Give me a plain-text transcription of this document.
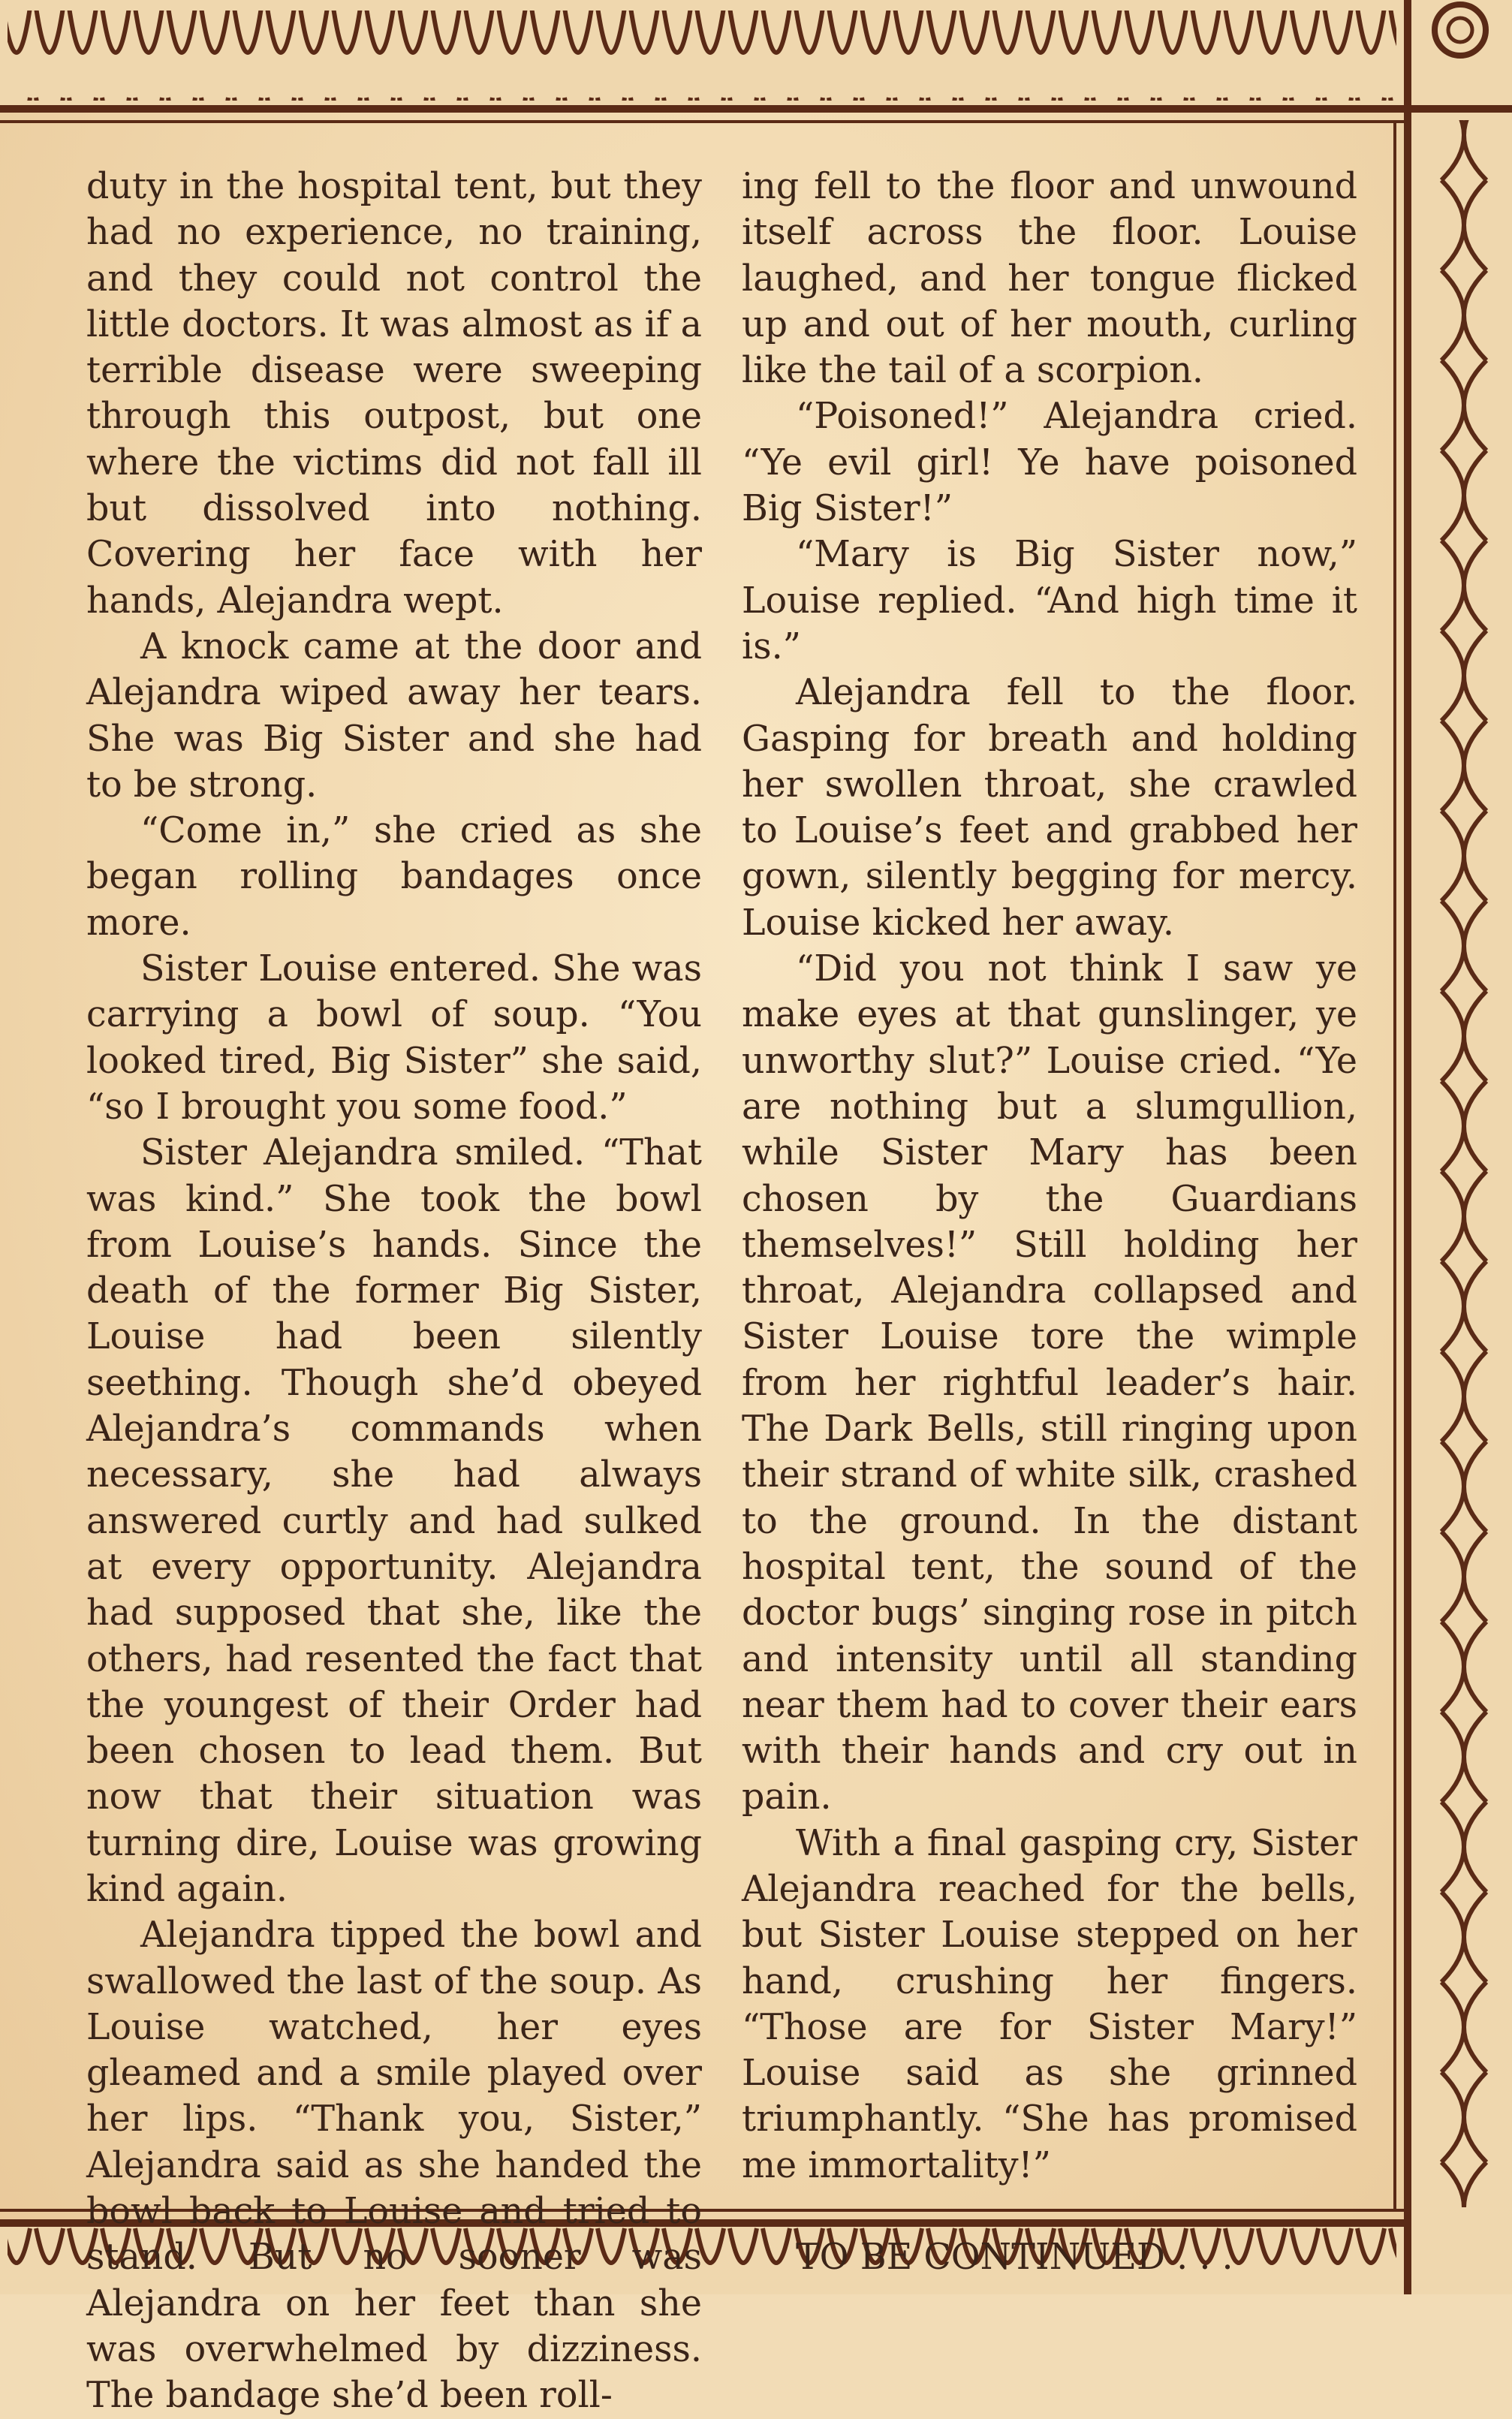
duty in the hospital tent, but they had no experience, no training, and they could not control the little doctors. It was almost as if a terrible disease were sweeping through this outpost, but one where the victims did not fall ill but dissolved into nothing. Covering her face with her hands, Alejandra wept.

A knock came at the door and Alejandra wiped away her tears. She was Big Sister and she had to be strong.

“Come in,” she cried as she began rolling bandages once more.

Sister Louise entered. She was carrying a bowl of soup. “You looked tired, Big Sister” she said, “so I brought you some food.”

Sister Alejandra smiled. “That was kind.” She took the bowl from Louise’s hands. Since the death of the former Big Sister, Louise had been silently seething. Though she’d obeyed Alejandra’s commands when necessary, she had always answered curtly and had sulked at every opportunity. Alejandra had supposed that she, like the others, had resented the fact that the youngest of their Order had been chosen to lead them. But now that their situation was turning dire, Louise was growing kind again.

Alejandra tipped the bowl and swallowed the last of the soup. As Louise watched, her eyes gleamed and a smile played over her lips. “Thank you, Sister,” Alejandra said as she handed the bowl back to Louise and tried to stand. But no sooner was Alejandra on her feet than she was overwhelmed by dizziness. The bandage she’d been roll-

ing fell to the floor and unwound itself across the floor. Louise laughed, and her tongue flicked up and out of her mouth, curling like the tail of a scorpion.

“Poisoned!” Alejandra cried. “Ye evil girl! Ye have poisoned Big Sister!”

“Mary is Big Sister now,” Louise replied. “And high time it is.”

Alejandra fell to the floor. Gasping for breath and holding her swollen throat, she crawled to Louise’s feet and grabbed her gown, silently begging for mercy. Louise kicked her away.

“Did you not think I saw ye make eyes at that gunslinger, ye unworthy slut?” Louise cried. “Ye are nothing but a slumgullion, while Sister Mary has been chosen by the Guardians themselves!” Still holding her throat, Alejandra collapsed and Sister Louise tore the wimple from her rightful leader’s hair. The Dark Bells, still ringing upon their strand of white silk, crashed to the ground. In the distant hospital tent, the sound of the doctor bugs’ singing rose in pitch and intensity until all standing near them had to cover their ears with their hands and cry out in pain.

With a final gasping cry, Sister Alejandra reached for the bells, but Sister Louise stepped on her hand, crushing her fingers. “Those are for Sister Mary!” Louise said as she grinned triumphantly. “She has promised me immortality!”

TO BE CONTINUED . . .
